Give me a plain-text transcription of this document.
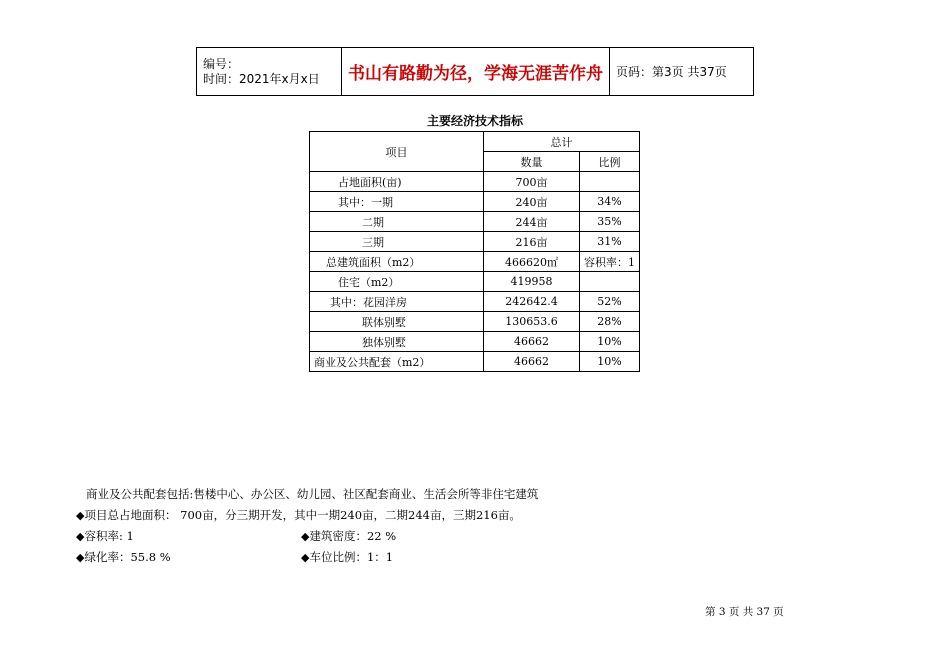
编号：
时间：2021年x月x日	书山有路勤为径，学海无涯苦作舟	页码：第3页 共37页
主要经济技术指标
项目	总计	
	数量	比例
占地面积(亩)	700亩	
其中：一期	240亩	34%
二期	244亩	35%
三期	216亩	31%
总建筑面积（m2）	466620㎡	容积率：1
住宅（m2）	419958	
其中：花园洋房	242642.4	52%
联体别墅	130653.6	28%
独体别墅	46662	10%
商业及公共配套（m2）	46662	10%
商业及公共配套包括:售楼中心、办公区、幼儿园、社区配套商业、生活会所等非住宅建筑
◆项目总占地面积： 700亩，分三期开发，其中一期240亩，二期244亩，三期216亩。
◆容积率: 1	◆建筑密度：22 %
◆绿化率：55.8 %	◆车位比例：1：1
第 3 页 共 37 页
